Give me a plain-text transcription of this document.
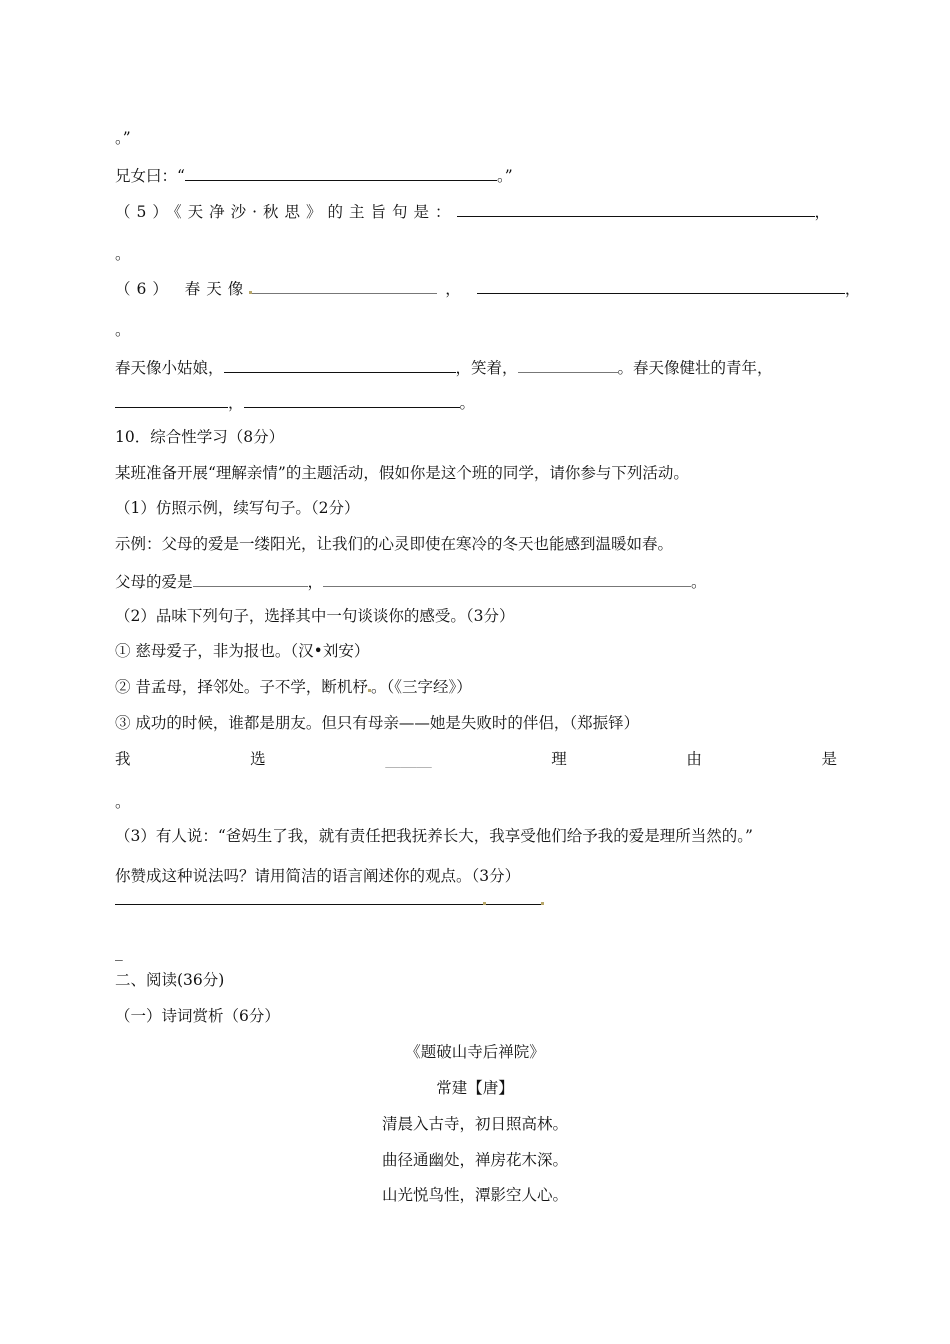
。”
兄女曰：“	。”
（5）《天净沙·秋思》的主旨句是：	，
。
（6） 春天像	，	，
。
春天像小姑娘，	，笑着，	。春天像健壮的青年，
，	。
10．综合性学习（8分）
某班准备开展“理解亲情”的主题活动，假如你是这个班的同学，请你参与下列活动。
（1）仿照示例，续写句子。（2分）
示例：父母的爱是一缕阳光，让我们的心灵即使在寒冷的冬天也能感到温暖如春。
父母的爱是	，	。
（2）品味下列句子，选择其中一句谈谈你的感受。（3分）
① 慈母爱子，非为报也。（汉•刘安）
② 昔孟母，择邻处。子不学，断机杼 。（《三字经》）
③ 成功的时候，谁都是朋友。但只有母亲——她是失败时的伴侣，（郑振铎）
我	选	______	理	由	是
。
（3）有人说：“爸妈生了我，就有责任把我抚养长大，我享受他们给予我的爱是理所当然的。”
你赞成这种说法吗？请用简洁的语言阐述你的观点。（3分）
_
二、阅读(36分)
（一）诗词赏析（6分）
《题破山寺后禅院》
常建【唐】
清晨入古寺，初日照高林。
曲径通幽处，禅房花木深。
山光悦鸟性，潭影空人心。
